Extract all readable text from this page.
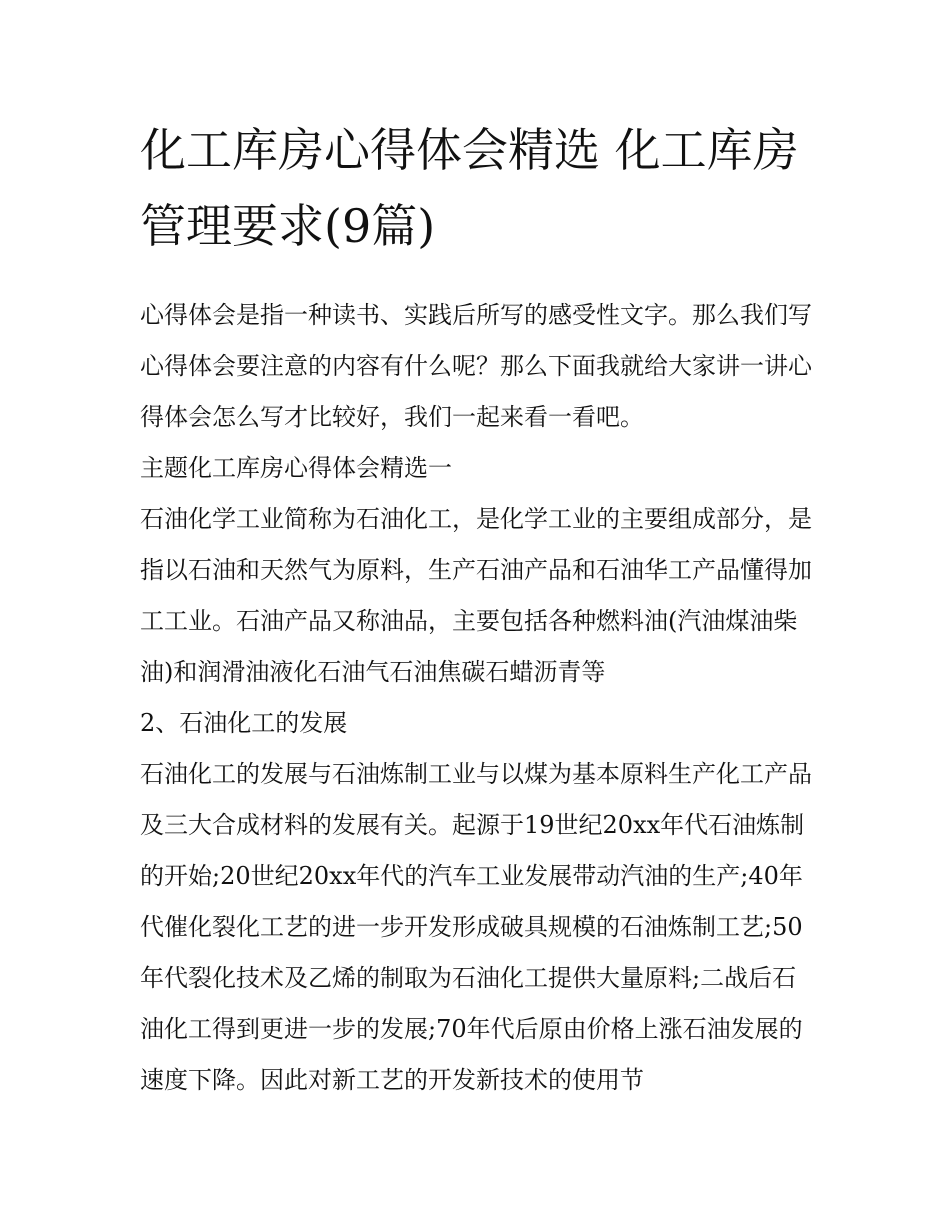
化工库房心得体会精选 化工库房管理要求(9篇)

心得体会是指一种读书、实践后所写的感受性文字。那么我们写心得体会要注意的内容有什么呢？那么下面我就给大家讲一讲心得体会怎么写才比较好，我们一起来看一看吧。

主题化工库房心得体会精选一

石油化学工业简称为石油化工，是化学工业的主要组成部分，是指以石油和天然气为原料，生产石油产品和石油华工产品懂得加工工业。石油产品又称油品，主要包括各种燃料油(汽油煤油柴油)和润滑油液化石油气石油焦碳石蜡沥青等

2、石油化工的发展

石油化工的发展与石油炼制工业与以煤为基本原料生产化工产品及三大合成材料的发展有关。起源于19世纪20xx年代石油炼制的开始;20世纪20xx年代的汽车工业发展带动汽油的生产;40年代催化裂化工艺的进一步开发形成破具规模的石油炼制工艺;50年代裂化技术及乙烯的制取为石油化工提供大量原料;二战后石油化工得到更进一步的发展;70年代后原由价格上涨石油发展的速度下降。因此对新工艺的开发新技术的使用节
